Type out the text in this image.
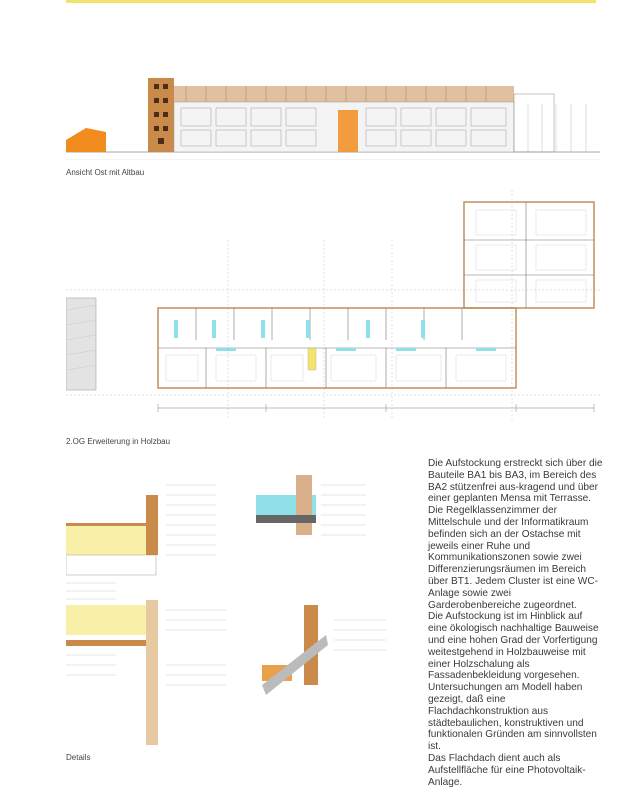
Ansicht Ost mit Altbau
2.OG Erweiterung in Holzbau
Details

Die Aufstockung erstreckt sich über die Bauteile BA1 bis BA3, im Bereich des BA2 stützenfrei aus-kragend und über einer geplanten Mensa mit Terrasse.

Die Regelklassenzimmer der Mittelschule und der Informatikraum befinden sich an der Ostachse mit jeweils einer Ruhe und Kommunikationszonen sowie zwei Differenzierungsräumen im Bereich über BT1. Jedem Cluster ist eine WC-Anlage sowie zwei Garderobenbereiche zugeordnet.

Die Aufstockung ist im Hinblick auf eine ökologisch nachhaltige Bauweise und eine hohen Grad der Vorfertigung weitestgehend in Holzbauweise mit einer Holzschalung als Fassadenbekleidung vorgesehen. Untersuchungen am Modell haben gezeigt, daß eine Flachdachkonstruktion aus städtebaulichen, konstruktiven und funktionalen Gründen am sinnvollsten ist.

Das Flachdach dient auch als Aufstellfläche für eine Photovoltaik-Anlage.
